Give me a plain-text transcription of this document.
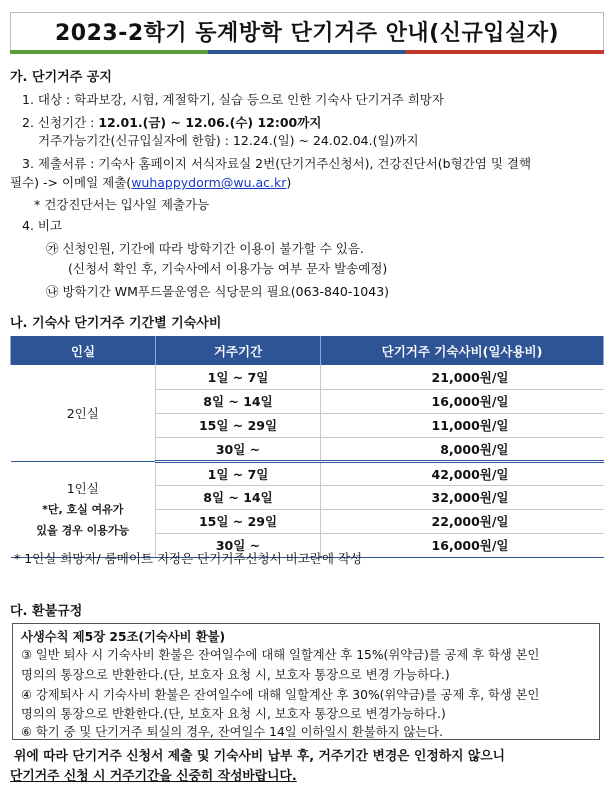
2023-2학기 동계방학 단기거주 안내(신규입실자)
가. 단기거주 공지
1. 대상 : 학과보강, 시험, 계절학기, 실습 등으로 인한 기숙사 단기거주 희망자
2. 신청기간 : 12.01.(금) ~ 12.06.(수) 12:00까지
거주가능기간(신규입실자에 한함) : 12.24.(일) ~ 24.02.04.(일)까지
3. 제출서류 : 기숙사 홈페이지 서식자료실 2번(단기거주신청서), 건강진단서(b형간염 및 결핵
필수) -> 이메일 제출(wuhappydorm@wu.ac.kr)
* 건강진단서는 입사일 제출가능
4. 비고
㉮ 신청인원, 기간에 따라 방학기간 이용이 불가할 수 있음.
(신청서 확인 후, 기숙사에서 이용가능 여부 문자 발송예정)
㉯ 방학기간 WM푸드몰운영은 식당문의 필요(063-840-1043)
나. 기숙사 단기거주 기간별 기숙사비
인실	거주기간	단기거주 기숙사비(일사용비)

2인실	1일 ~ 7일	21,000원/일
	8일 ~ 14일	16,000원/일
	15일 ~ 29일	11,000원/일
	30일 ~	8,000원/일

1인실
*단, 호실 여유가
있을 경우 이용가능	1일 ~ 7일	42,000원/일
	8일 ~ 14일	32,000원/일
	15일 ~ 29일	22,000원/일
	30일 ~	16,000원/일
* 1인실 희망자/ 룸메이트 지정은 단기거주신청서 비고란에 작성
다. 환불규정
사생수칙 제5장 25조(기숙사비 환불)
③ 일반 퇴사 시 기숙사비 환불은 잔여일수에 대해 일할계산 후 15%(위약금)를 공제 후 학생 본인
명의의 통장으로 반환한다.(단, 보호자 요청 시, 보호자 통장으로 변경 가능하다.)
④ 강제퇴사 시 기숙사비 환불은 잔여일수에 대해 일할계산 후 30%(위약금)를 공제 후, 학생 본인
명의의 통장으로 반환한다.(단, 보호자 요청 시, 보호자 통장으로 변경가능하다.)
⑥ 학기 중 및 단기거주 퇴실의 경우, 잔여일수 14일 이하일시 환불하지 않는다.
위에 따라 단기거주 신청서 제출 및 기숙사비 납부 후, 거주기간 변경은 인정하지 않으니
단기거주 신청 시 거주기간을 신중히 작성바랍니다.
